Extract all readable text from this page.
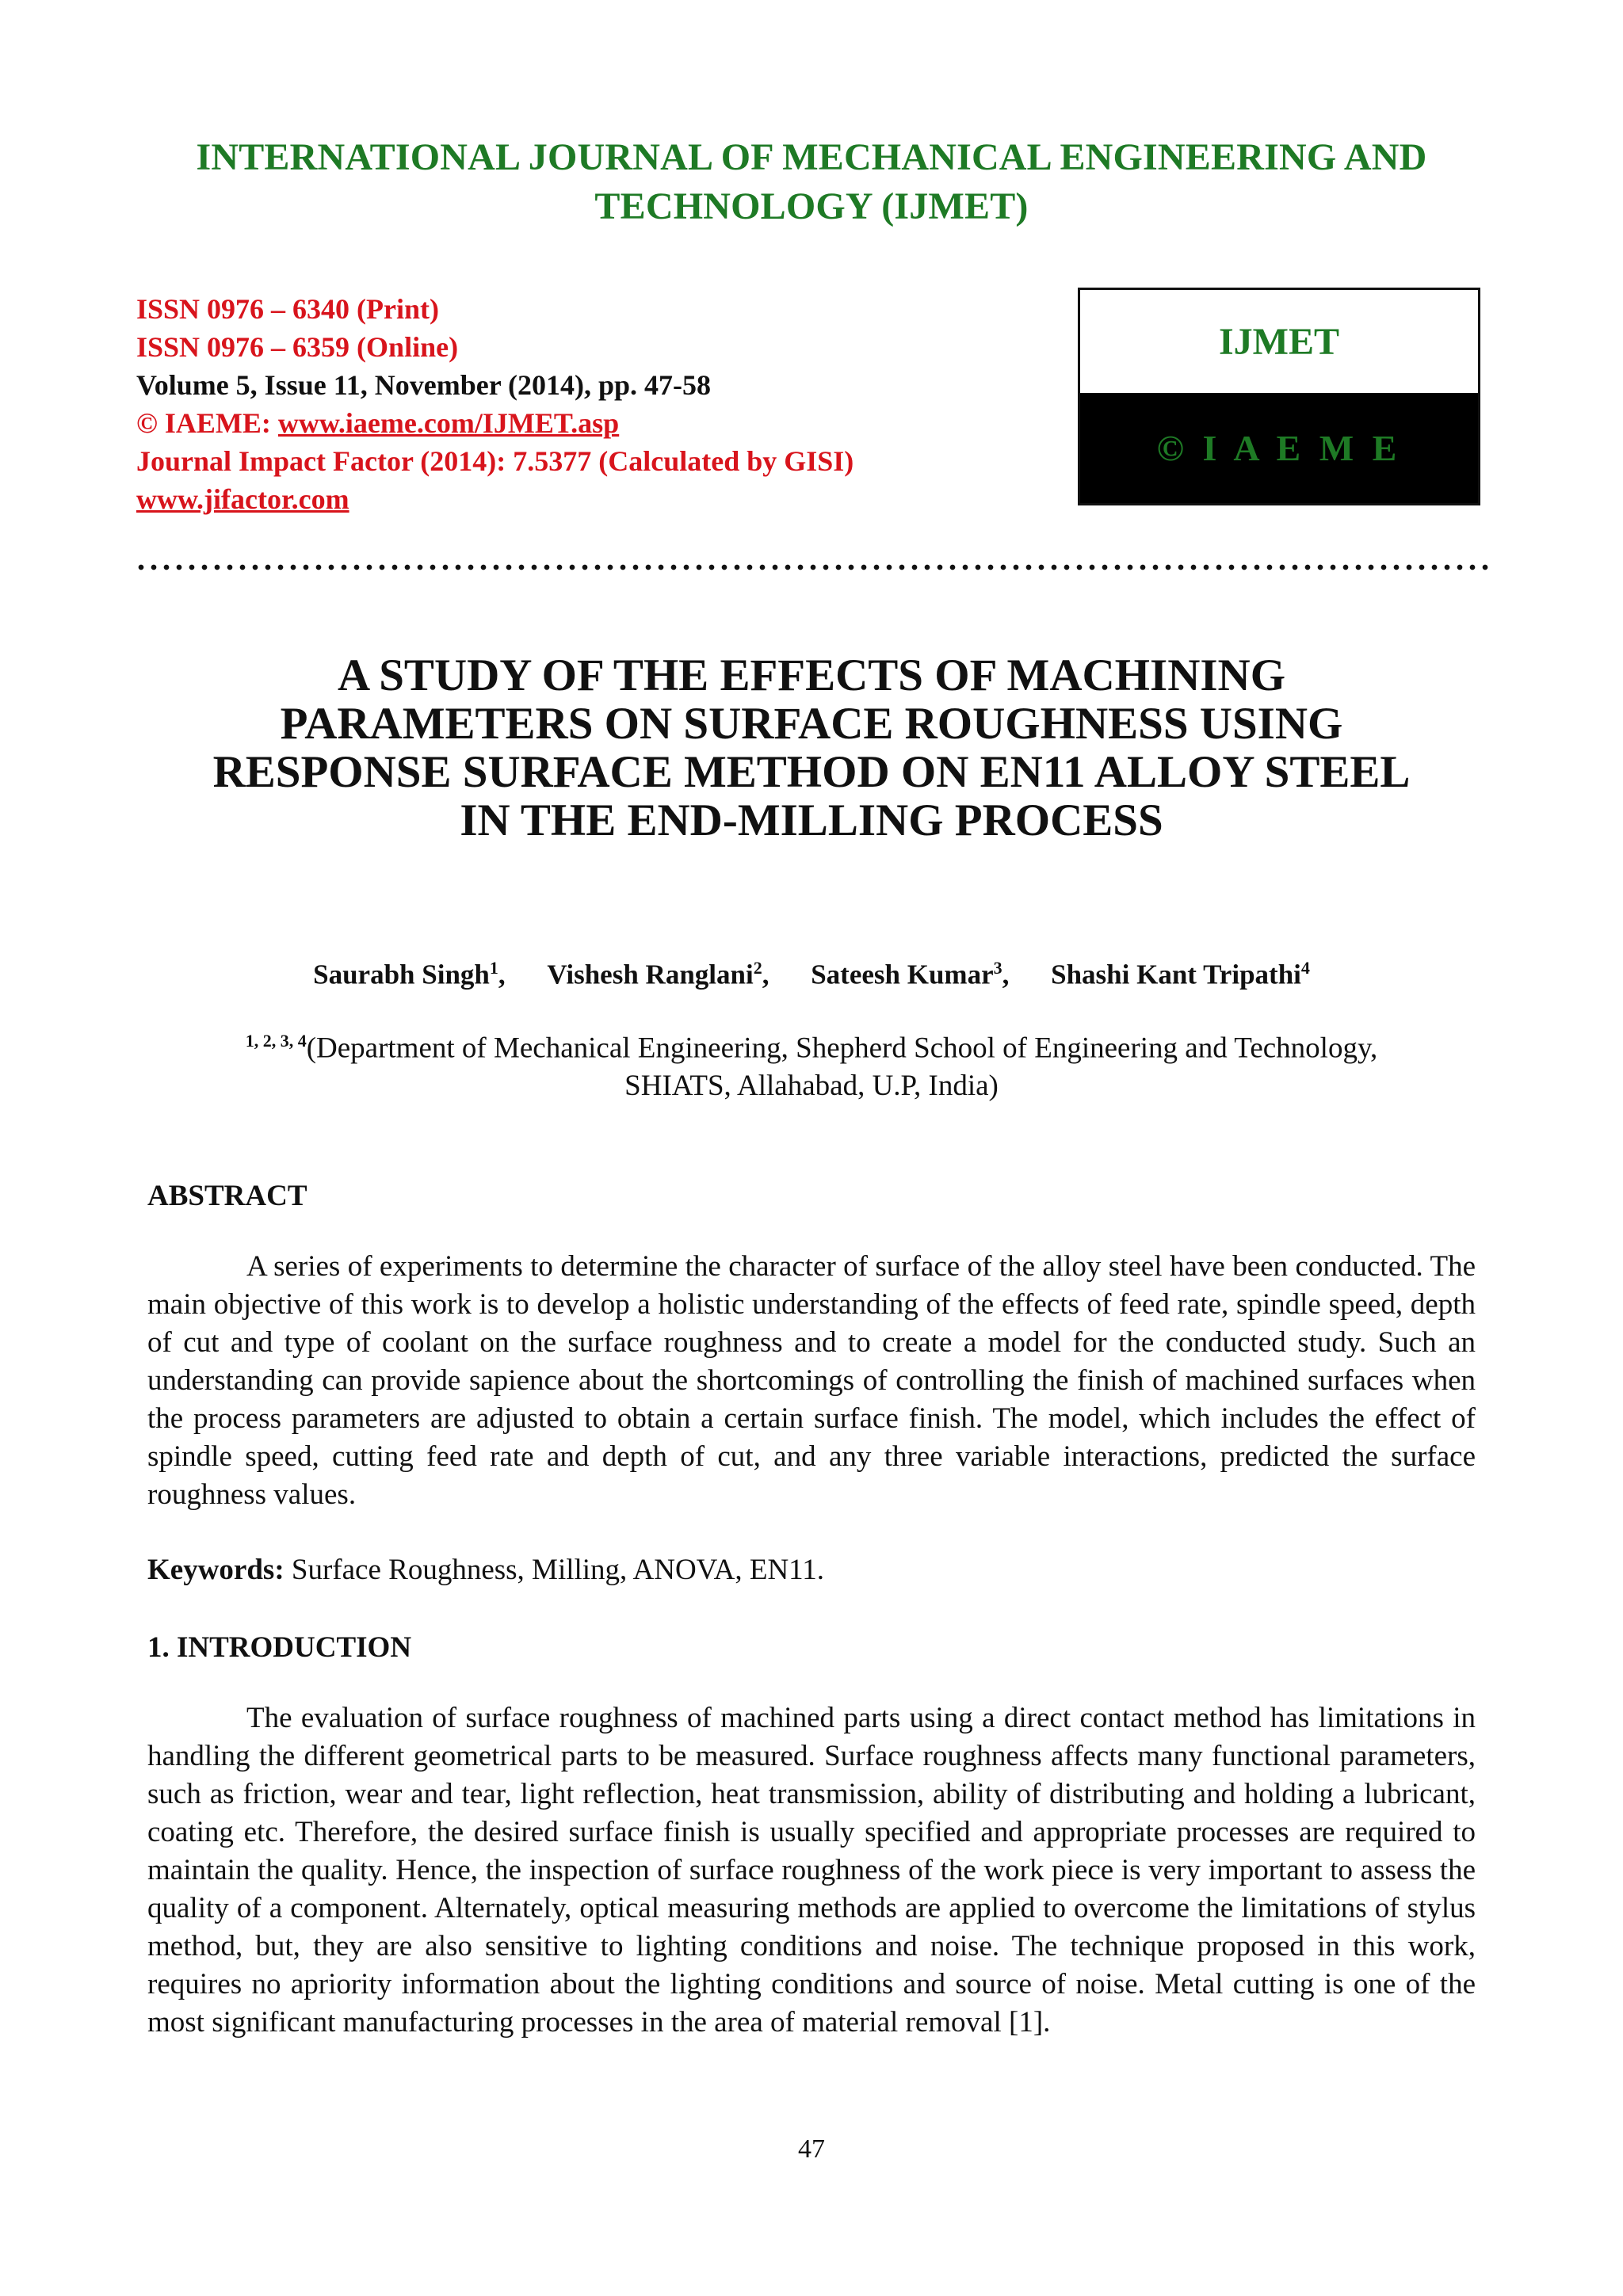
INTERNATIONAL JOURNAL OF MECHANICAL ENGINEERING AND
TECHNOLOGY (IJMET)
ISSN 0976 – 6340 (Print)
ISSN 0976 – 6359 (Online)
Volume 5, Issue 11, November (2014), pp. 47-58
© IAEME: www.iaeme.com/IJMET.asp
Journal Impact Factor (2014): 7.5377 (Calculated by GISI)
www.jifactor.com
IJMET
© I A E M E
A STUDY OF THE EFFECTS OF MACHINING
PARAMETERS ON SURFACE ROUGHNESS USING
RESPONSE SURFACE METHOD ON EN11 ALLOY STEEL
IN THE END-MILLING PROCESS
Saurabh Singh$^1$, Vishesh Ranglani$^2$, Sateesh Kumar$^3$, Shashi Kant Tripathi$^4$
$^{1, 2, 3, 4}$(Department of Mechanical Engineering, Shepherd School of Engineering and Technology,
SHIATS, Allahabad, U.P, India)
ABSTRACT
A series of experiments to determine the character of surface of the alloy steel have been conducted. The main objective of this work is to develop a holistic understanding of the effects of feed rate, spindle speed, depth of cut and type of coolant on the surface roughness and to create a model for the conducted study. Such an understanding can provide sapience about the shortcomings of controlling the finish of machined surfaces when the process parameters are adjusted to obtain a certain surface finish. The model, which includes the effect of spindle speed, cutting feed rate and depth of cut, and any three variable interactions, predicted the surface roughness values.
Keywords: Surface Roughness, Milling, ANOVA, EN11.
1. INTRODUCTION
The evaluation of surface roughness of machined parts using a direct contact method has limitations in handling the different geometrical parts to be measured. Surface roughness affects many functional parameters, such as friction, wear and tear, light reflection, heat transmission, ability of distributing and holding a lubricant, coating etc. Therefore, the desired surface finish is usually specified and appropriate processes are required to maintain the quality. Hence, the inspection of surface roughness of the work piece is very important to assess the quality of a component. Alternately, optical measuring methods are applied to overcome the limitations of stylus method, but, they are also sensitive to lighting conditions and noise. The technique proposed in this work, requires no apriority information about the lighting conditions and source of noise. Metal cutting is one of the most significant manufacturing processes in the area of material removal [1].
47
